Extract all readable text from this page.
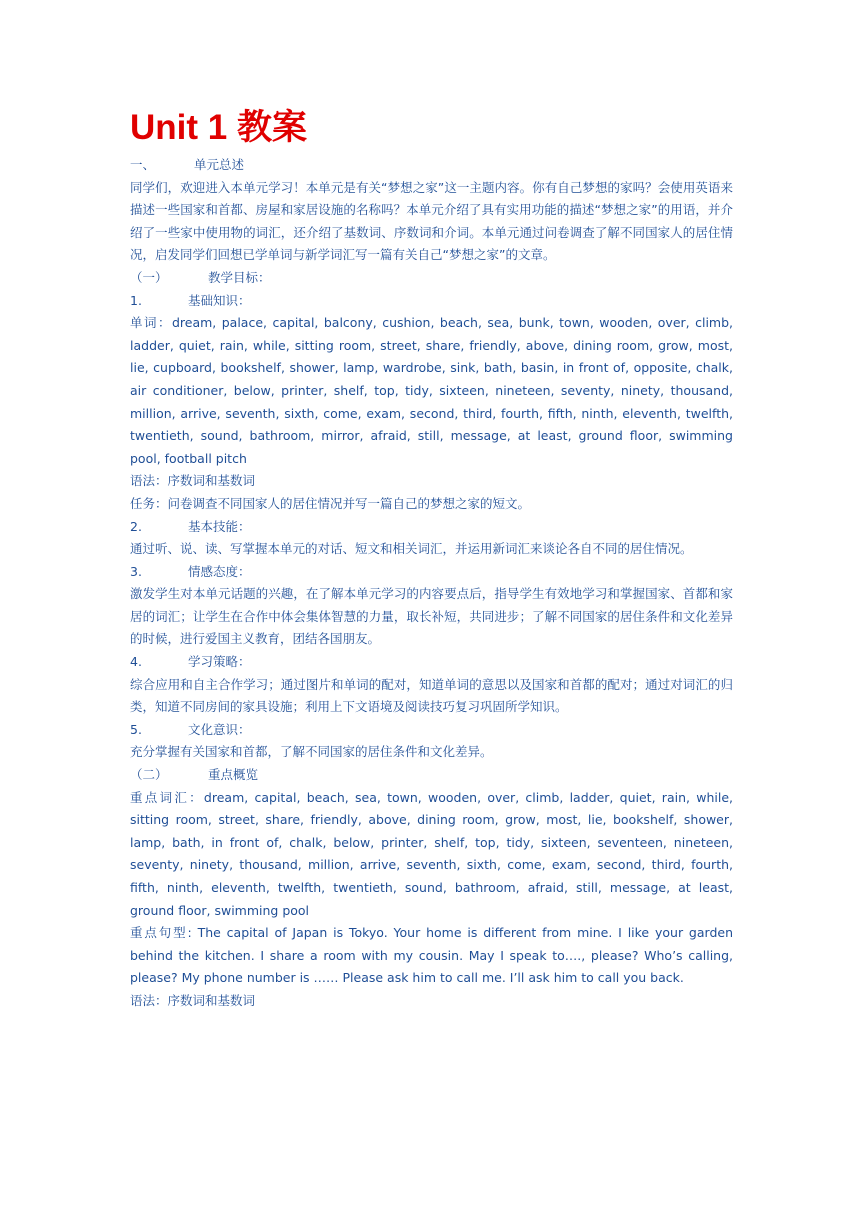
Unit 1 教案

一、	单元总述

同学们，欢迎进入本单元学习！本单元是有关“梦想之家”这一主题内容。你有自己梦想的家吗？会使用英语来描述一些国家和首都、房屋和家居设施的名称吗？本单元介绍了具有实用功能的描述“梦想之家”的用语，并介绍了一些家中使用物的词汇，还介绍了基数词、序数词和介词。本单元通过问卷调查了解不同国家人的居住情况，启发同学们回想已学单词与新学词汇写一篇有关自己“梦想之家”的文章。

（一）	教学目标：

1.	基础知识：

单词：dream, palace, capital, balcony, cushion, beach, sea, bunk, town, wooden, over, climb, ladder, quiet, rain, while, sitting room, street, share, friendly, above, dining room, grow, most, lie, cupboard, bookshelf, shower, lamp, wardrobe, sink, bath, basin, in front of, opposite, chalk, air conditioner, below, printer, shelf, top, tidy, sixteen, nineteen, seventy, ninety, thousand, million, arrive, seventh, sixth, come, exam, second, third, fourth, fifth, ninth, eleventh, twelfth, twentieth, sound, bathroom, mirror, afraid, still, message, at least, ground floor, swimming pool, football pitch

语法：序数词和基数词

任务：问卷调查不同国家人的居住情况并写一篇自己的梦想之家的短文。

2.	基本技能：

通过听、说、读、写掌握本单元的对话、短文和相关词汇，并运用新词汇来谈论各自不同的居住情况。

3.	情感态度：

激发学生对本单元话题的兴趣，在了解本单元学习的内容要点后，指导学生有效地学习和掌握国家、首都和家居的词汇；让学生在合作中体会集体智慧的力量，取长补短，共同进步；了解不同国家的居住条件和文化差异的时候，进行爱国主义教育，团结各国朋友。

4.	学习策略：

综合应用和自主合作学习；通过图片和单词的配对，知道单词的意思以及国家和首都的配对；通过对词汇的归类，知道不同房间的家具设施；利用上下文语境及阅读技巧复习巩固所学知识。

5.	文化意识：

充分掌握有关国家和首都，了解不同国家的居住条件和文化差异。

（二）	重点概览

重点词汇：dream, capital, beach, sea, town, wooden, over, climb, ladder, quiet, rain, while, sitting room, street, share, friendly, above, dining room, grow, most, lie, bookshelf, shower, lamp, bath, in front of, chalk, below, printer, shelf, top, tidy, sixteen, seventeen, nineteen, seventy, ninety, thousand, million, arrive, seventh, sixth, come, exam, second, third, fourth, fifth, ninth, eleventh, twelfth, twentieth, sound, bathroom, afraid, still, message, at least, ground floor, swimming pool

重点句型: The capital of Japan is Tokyo. Your home is different from mine. I like your garden behind the kitchen. I share a room with my cousin. May I speak to…., please? Who’s calling, please? My phone number is …… Please ask him to call me. I’ll ask him to call you back.

语法：序数词和基数词
